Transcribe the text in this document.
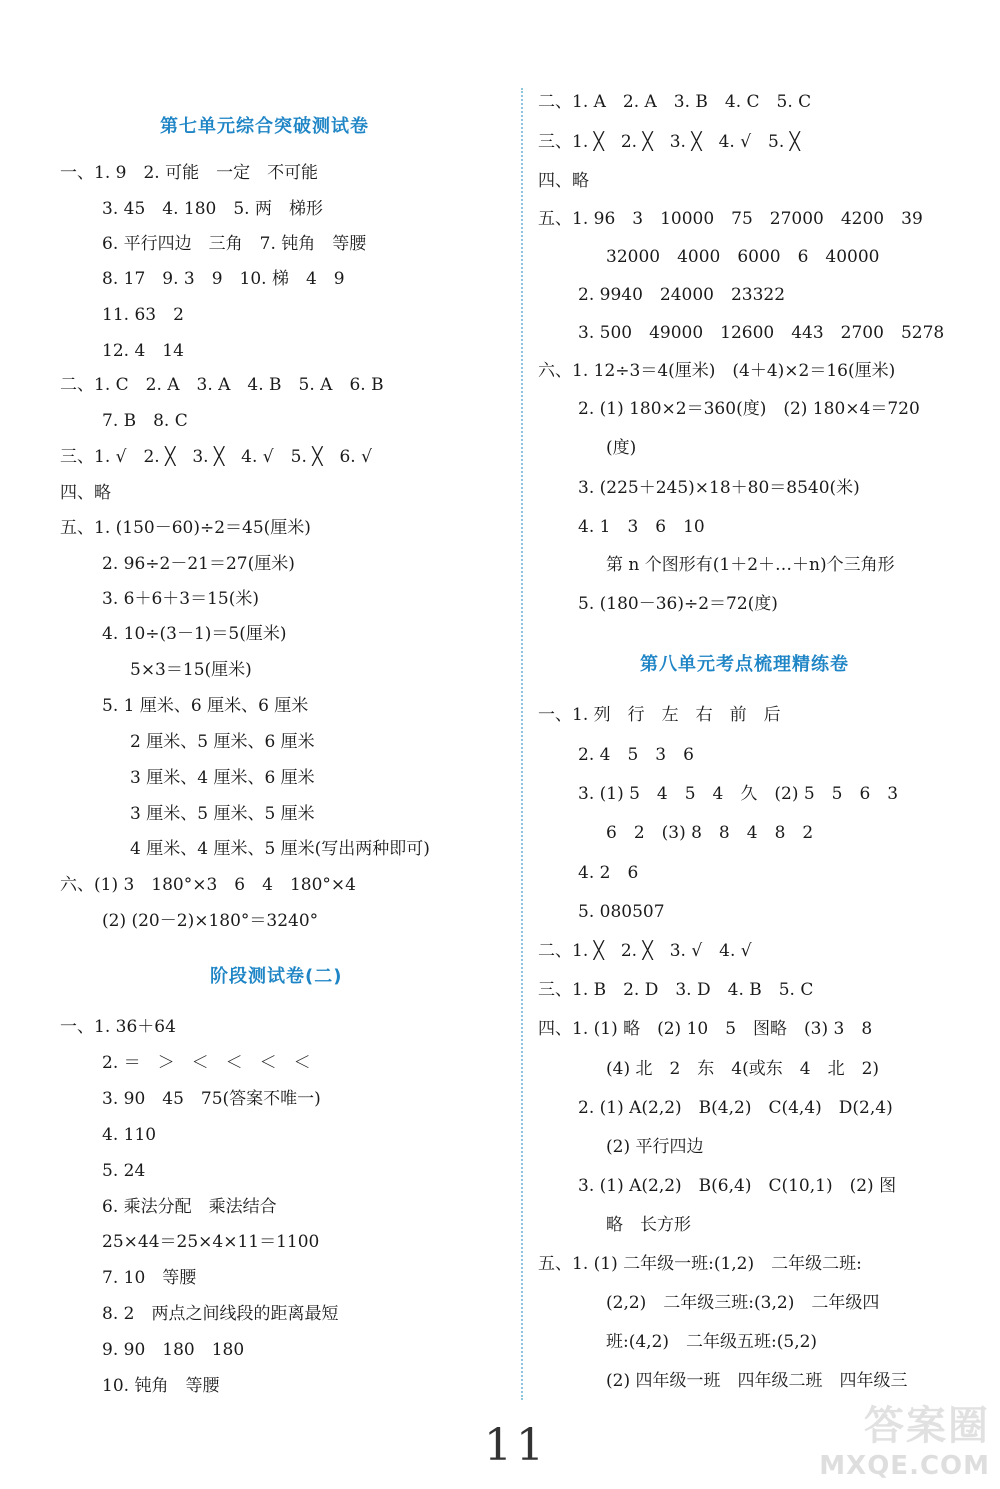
第七单元综合突破测试卷
一、1. 9　2. 可能　一定　不可能
3. 45　4. 180　5. 两　梯形
6. 平行四边　三角　7. 钝角　等腰
8. 17　9. 3　9　10. 梯　4　9
11. 63　2
12. 4　14
二、1. C　2. A　3. A　4. B　5. A　6. B
7. B　8. C
三、1. √　2. ╳　3. ╳　4. √　5. ╳　6. √
四、略
五、1. (150－60)÷2＝45(厘米)
2. 96÷2－21＝27(厘米)
3. 6＋6＋3＝15(米)
4. 10÷(3－1)＝5(厘米)
5×3＝15(厘米)
5. 1 厘米、6 厘米、6 厘米
2 厘米、5 厘米、6 厘米
3 厘米、4 厘米、6 厘米
3 厘米、5 厘米、5 厘米
4 厘米、4 厘米、5 厘米(写出两种即可)
六、(1) 3　180°×3　6　4　180°×4
(2) (20－2)×180°＝3240°
阶段测试卷(二)
一、1. 36＋64
2. ＝　＞　＜　＜　＜　＜
3. 90　45　75(答案不唯一)
4. 110
5. 24
6. 乘法分配　乘法结合
25×44＝25×4×11＝1100
7. 10　等腰
8. 2　两点之间线段的距离最短
9. 90　180　180
10. 钝角　等腰
二、1. A　2. A　3. B　4. C　5. C
三、1. ╳　2. ╳　3. ╳　4. √　5. ╳
四、略
五、1. 96　3　10000　75　27000　4200　39
32000　4000　6000　6　40000
2. 9940　24000　23322
3. 500　49000　12600　443　2700　5278
六、1. 12÷3＝4(厘米)　(4＋4)×2＝16(厘米)
2. (1) 180×2＝360(度)　(2) 180×4＝720
(度)
3. (225＋245)×18＋80＝8540(米)
4. 1　3　6　10
第 n 个图形有(1＋2＋…＋n)个三角形
5. (180－36)÷2＝72(度)
第八单元考点梳理精练卷
一、1. 列　行　左　右　前　后
2. 4　5　3　6
3. (1) 5　4　5　4　久　(2) 5　5　6　3
6　2　(3) 8　8　4　8　2
4. 2　6
5. 080507
二、1. ╳　2. ╳　3. √　4. √
三、1. B　2. D　3. D　4. B　5. C
四、1. (1) 略　(2) 10　5　图略　(3) 3　8
(4) 北　2　东　4(或东　4　北　2)
2. (1) A(2,2)　B(4,2)　C(4,4)　D(2,4)
(2) 平行四边
3. (1) A(2,2)　B(6,4)　C(10,1)　(2) 图
略　长方形
五、1. (1) 二年级一班:(1,2)　二年级二班:
(2,2)　二年级三班:(3,2)　二年级四
班:(4,2)　二年级五班:(5,2)
(2) 四年级一班　四年级二班　四年级三
11	答案圈
MXQE.COM
